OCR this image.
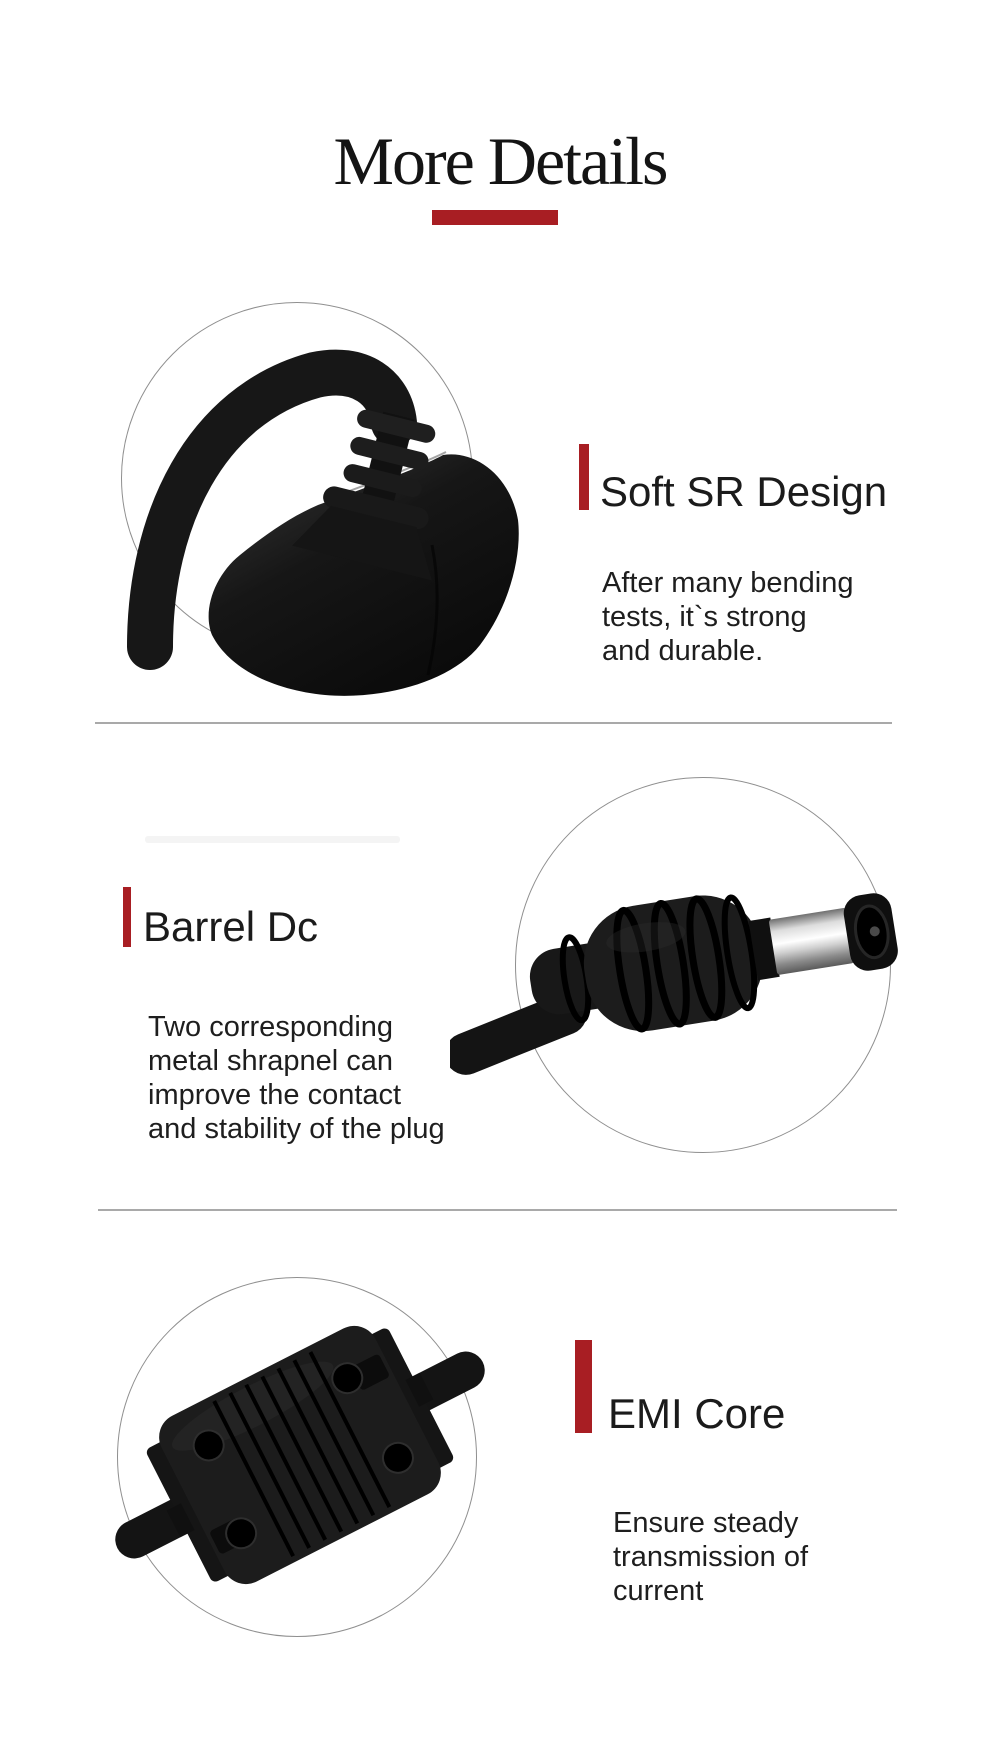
More Details
Soft SR Design
After many bending
tests, it`s strong
and durable.
Barrel Dc
Two corresponding
metal shrapnel can
improve the contact
and stability of the plug
EMI Core
Ensure steady
transmission of
current
